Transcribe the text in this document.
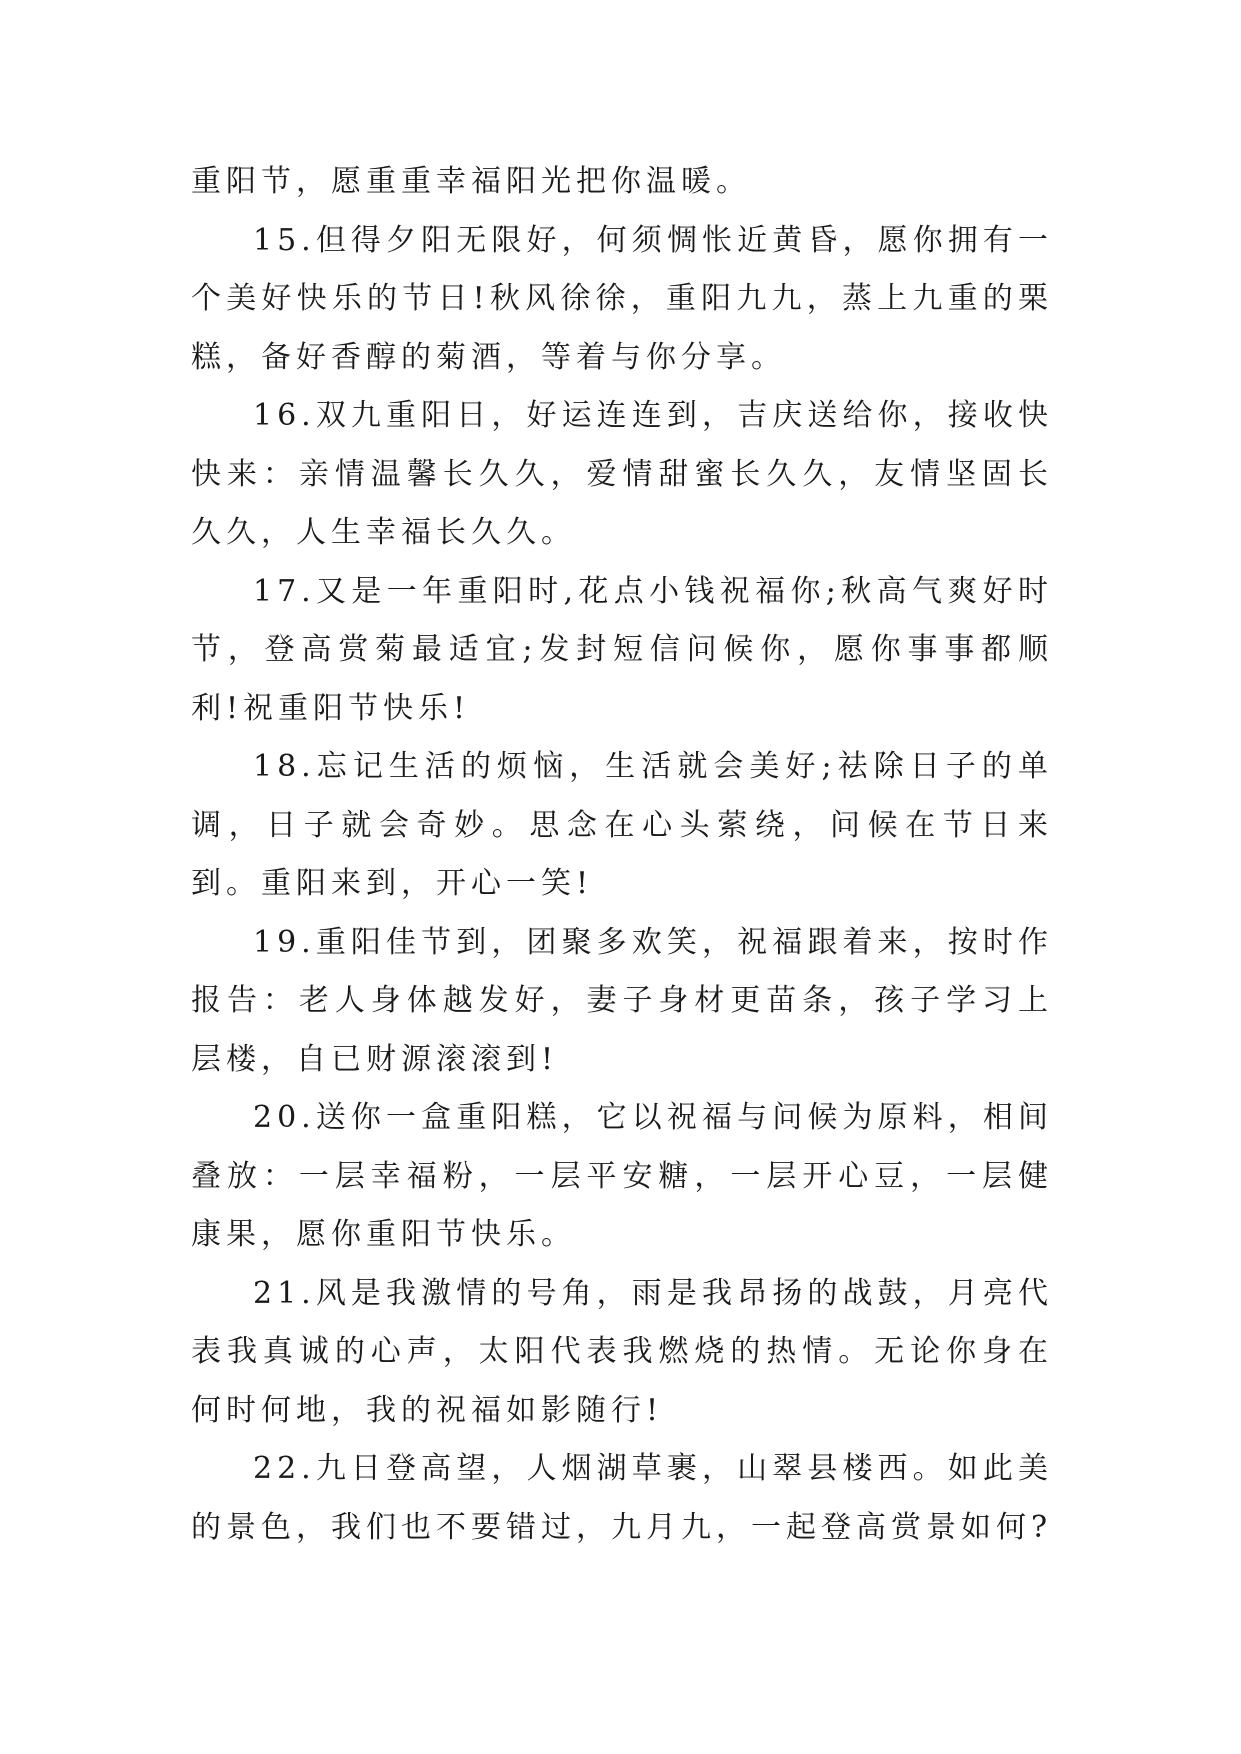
重阳节，愿重重幸福阳光把你温暖。

15.但得夕阳无限好，何须惆怅近黄昏，愿你拥有一个美好快乐的节日!秋风徐徐，重阳九九，蒸上九重的栗糕，备好香醇的菊酒，等着与你分享。

16.双九重阳日，好运连连到，吉庆送给你，接收快快来：亲情温馨长久久，爱情甜蜜长久久，友情坚固长久久，人生幸福长久久。

17.又是一年重阳时,花点小钱祝福你;秋高气爽好时节，登高赏菊最适宜;发封短信问候你，愿你事事都顺利!祝重阳节快乐!

18.忘记生活的烦恼，生活就会美好;祛除日子的单调，日子就会奇妙。思念在心头萦绕，问候在节日来到。重阳来到，开心一笑!

19.重阳佳节到，团聚多欢笑，祝福跟着来，按时作报告：老人身体越发好，妻子身材更苗条，孩子学习上层楼，自已财源滚滚到!

20.送你一盒重阳糕，它以祝福与问候为原料，相间叠放：一层幸福粉，一层平安糖，一层开心豆，一层健康果，愿你重阳节快乐。

21.风是我激情的号角，雨是我昂扬的战鼓，月亮代表我真诚的心声，太阳代表我燃烧的热情。无论你身在何时何地，我的祝福如影随行!

22.九日登高望，人烟湖草裹，山翠县楼西。如此美的景色，我们也不要错过，九月九，一起登高赏景如何?
